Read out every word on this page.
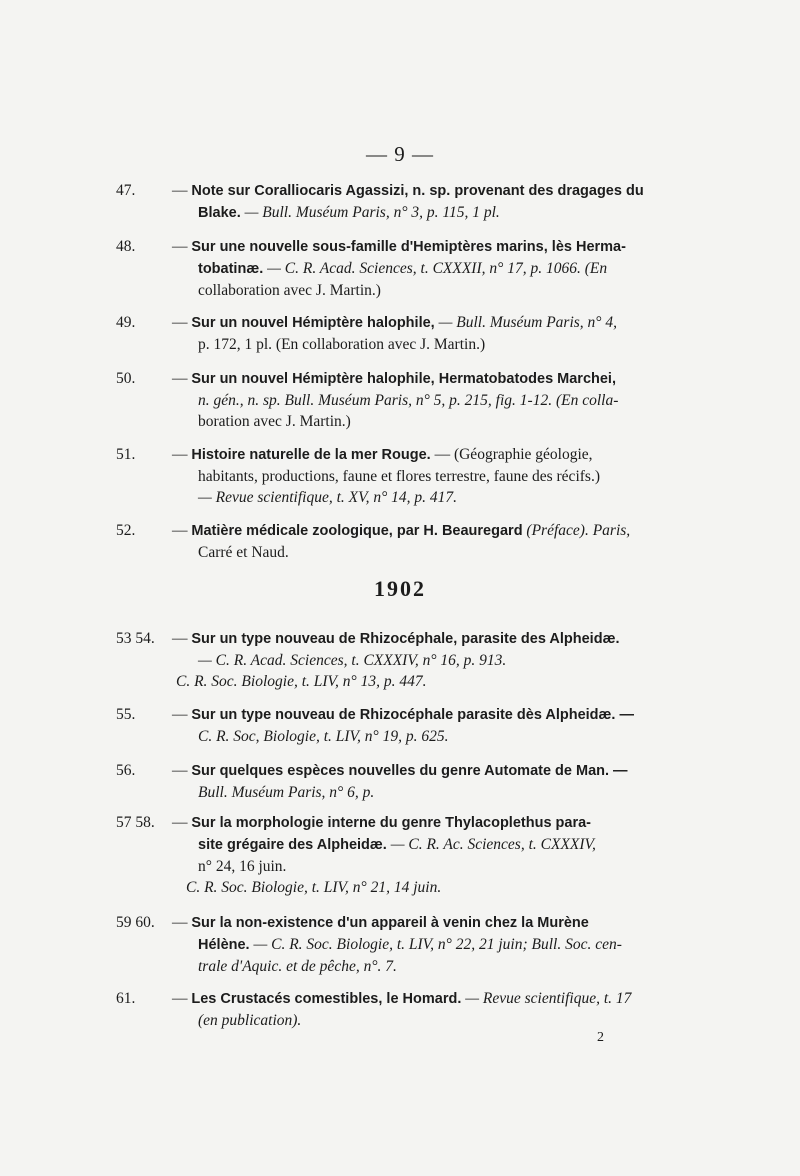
— 9 —
47. — Note sur Coralliocaris Agassizi, n. sp. provenant des dragages du
Blake. — Bull. Muséum Paris, n° 3, p. 115, 1 pl.
48. — Sur une nouvelle sous-famille d'Hemiptères marins, lès Herma-
tobatinæ. — C. R. Acad. Sciences, t. CXXXII, n° 17, p. 1066. (En
collaboration avec J. Martin.)
49. — Sur un nouvel Hémiptère halophile, — Bull. Muséum Paris, n° 4,
p. 172, 1 pl. (En collaboration avec J. Martin.)
50. — Sur un nouvel Hémiptère halophile, Hermatobatodes Marchei,
n. gén., n. sp. Bull. Muséum Paris, n° 5, p. 215, fig. 1-12. (En colla-
boration avec J. Martin.)
51. — Histoire naturelle de la mer Rouge. — (Géographie géologie,
habitants, productions, faune et flores terrestre, faune des récifs.)
— Revue scientifique, t. XV, n° 14, p. 417.
52. — Matière médicale zoologique, par H. Beauregard (Préface). Paris,
Carré et Naud.
1902
53 54. — Sur un type nouveau de Rhizocéphale, parasite des Alpheidæ.
— C. R. Acad. Sciences, t. CXXXIV, n° 16, p. 913.
C. R. Soc. Biologie, t. LIV, n° 13, p. 447.
55. — Sur un type nouveau de Rhizocéphale parasite dès Alpheidæ. —
C. R. Soc, Biologie, t. LIV, n° 19, p. 625.
56. — Sur quelques espèces nouvelles du genre Automate de Man. —
Bull. Muséum Paris, n° 6, p.
57 58. — Sur la morphologie interne du genre Thylacoplethus para-
site grégaire des Alpheidæ. — C. R. Ac. Sciences, t. CXXXIV,
n° 24, 16 juin.
C. R. Soc. Biologie, t. LIV, n° 21, 14 juin.
59 60. — Sur la non-existence d'un appareil à venin chez la Murène
Hélène. — C. R. Soc. Biologie, t. LIV, n° 22, 21 juin; Bull. Soc. cen-
trale d'Aquic. et de pêche, n°. 7.
61. — Les Crustacés comestibles, le Homard. — Revue scientifique, t. 17
(en publication).
2
